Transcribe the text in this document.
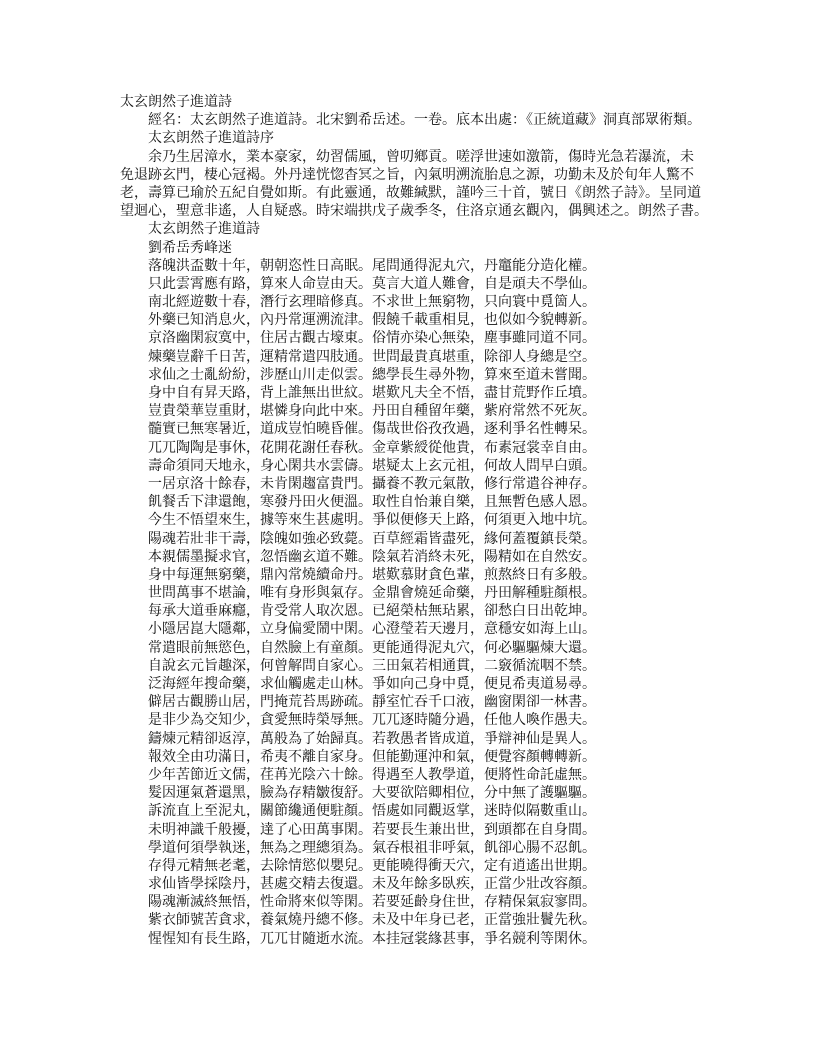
太玄朗然子進道詩
經名：太玄朗然子進道詩。北宋劉希岳述。一卷。底本出處：《正統道藏》洞真部眾術類。
太玄朗然子進道詩序
余乃生居漳水，業本豪家，幼習儒風，曾叨鄉貢。嗟浮世速如激箭，傷時光急若瀑流，未
免退跡玄門，棲心冠褐。外丹達恍惚杳冥之旨，內氣明溯流胎息之源，功勤未及於旬年人驚不
老，壽算已瑜於五紀自覺如斯。有此靈通，故難緘默，謹吟三十首，號日《朗然子詩》。呈同道
望迴心，聖意非遙，人自疑惑。時宋端拱戊子歲季冬，住洛京通玄觀內，偶興述之。朗然子書。
太玄朗然子進道詩
劉希岳秀峰迷
落魄洪盃數十年，朝朝恣性日高眠。尾問通得泥丸穴，丹竈能分造化權。
只此雲霄應有路，算來人命豈由天。莫言大道人難會，自是頑夫不學仙。
南北經遊數十春，潛行玄理暗修真。不求世上無窮物，只向寰中覓箇人。
外藥已知消息火，內丹常運溯流津。假饒千載重相見，也似如今貌轉新。
京洛幽閑寂寞中，住居古觀古壕東。俗情亦染心無染，塵事雖同道不同。
煉藥豈辭千日苦，運精常遣四肢通。世問最貴真堪重，除卻人身總是空。
求仙之士亂紛紛，涉歷山川走似雲。總學長生尋外物，算來至道未嘗聞。
身中自有昇天路，背上誰無出世紋。堪歎凡夫全不悟，盡甘荒野作丘墳。
豈貴榮華豈重財，堪憐身向此中來。丹田自種留年藥，紫府常然不死灰。
髓實已無寒暑近，道成豈怕曉昏催。傷哉世俗孜孜過，逐利爭名性轉呆。
兀兀陶陶是事休，花開花謝任春秋。金章紫綬從他貴，布素冠裳幸自由。
壽命須同天地永，身心閑共水雲儔。堪疑太上玄元祖，何故人問早白頭。
一居京洛十餘春，未肯閑趨富貴門。攝養不教元氣散，修行常遣谷神存。
飢餐舌下津還飽，寒發丹田火便溫。取性自怡兼自樂，且無暫色感人恩。
今生不悟望來生，據等來生甚處明。爭似便修天上路，何須更入地中坑。
陽魂若壯非干壽，陰魄如強必致薨。百草經霜皆盡死，緣何蓋覆鎮長榮。
本親儒墨擬求官，忽悟幽玄道不難。陰氣若消終未死，陽精如在自然安。
身中每運無窮藥，鼎內常燒續命丹。堪歎慕財貪色輩，煎熬終日有多般。
世問萬事不堪論，唯有身形與氣存。金鼎會燒延命藥，丹田解種駐顏根。
每承大道垂麻癮，肯受常人取次恩。已絕榮枯無玷累，卻愁白日出乾坤。
小隱居崑大隱鄰，立身偏愛鬧中閑。心澄瑩若天邊月，意穩安如海上山。
常遣眼前無慾色，自然臉上有童顏。更能通得泥丸穴，何必驅驅煉大還。
自說玄元旨趣深，何曾解問自家心。三田氣若相通貫，二竅循流咽不禁。
泛海經年搜命藥，求仙觸處走山林。爭如向己身中覓，便見希夷道易尋。
僻居古觀勝山居，門掩荒苔馬跡疏。靜室忙吞千口液，幽窗閑卻一林書。
是非少為交知少，貪愛無時榮辱無。兀兀逐時隨分過，任他人喚作愚夫。
鑄煉元精卻返淳，萬般為了始歸真。若教愚者皆成道，爭辯神仙是異人。
報效全由功滿日，希夷不離自家身。但能勤運沖和氣，便覺容顏轉轉新。
少年苦節近文儒，荏苒光陰六十餘。得遇至人教學道，便將性命託虛無。
髮因運氣蒼還黑，臉為存精皺復舒。大要欲陪卿相位，分中無了護驅驅。
訴流直上至泥丸，關節纔通便駐顏。悟處如同觀返掌，迷時似隔數重山。
未明神識千般擾，達了心田萬事閑。若要長生兼出世，到頭都在自身間。
學道何須學執迷，無為之理總須為。氣吞根祖非呼氣，飢卻心腸不忍飢。
存得元精無老耄，去除情慾似嬰兒。更能曉得衝天穴，定有逍遙出世期。
求仙皆學採陰丹，甚處交精去復還。未及年餘多臥疾，正當少壯改容顏。
陽魂漸滅終無悟，性命將來似等閑。若要延齡身住世，存精保氣寂寥問。
紫衣師號苦貪求，養氣燒丹總不修。未及中年身已老，正當強壯鬢先秋。
惺惺知有長生路，兀兀甘隨逝水流。本挂冠裳緣甚事，爭名競利等閑休。
